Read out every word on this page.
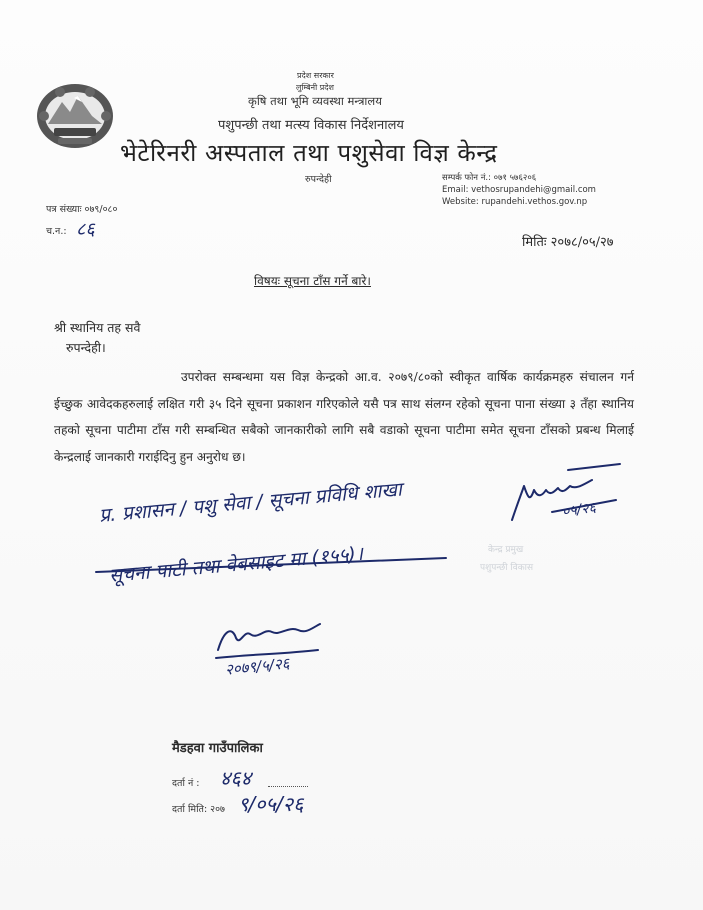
प्रदेश सरकार
लुम्बिनी प्रदेश
कृषि तथा भूमि व्यवस्था मन्त्रालय
पशुपन्छी तथा मत्स्य विकास निर्देशनालय
भेटेरिनरी अस्पताल तथा पशुसेवा विज्ञ केन्द्र
रुपन्देही	सम्पर्क फोन नं.: ०७१ ५७६२०६
Email: vethosrupandehi@gmail.com
Website: rupandehi.vethos.gov.np
पत्र संख्याः ०७९/०८०
च.न.: ८६
मितिः २०७८/०५/२७
विषयः सूचना टाँस गर्ने बारे।
श्री स्थानिय तह सवै
रुपन्देही।

उपरोक्त सम्बन्धमा यस विज्ञ केन्द्रको आ.व. २०७९/८०को स्वीकृत वार्षिक कार्यक्रमहरु संचालन गर्न ईच्छुक आवेदकहरुलाई लक्षित गरी ३५ दिने सूचना प्रकाशन गरिएकोले यसै पत्र साथ संलग्न रहेको सूचना पाना संख्या ३ तँहा स्थानिय तहको सूचना पाटीमा टाँस गरी सम्बन्धित सबैको जानकारीको लागि सबै वडाको सूचना पाटीमा समेत सूचना टाँसको प्रबन्ध मिलाई केन्द्रलाई जानकारी गराईदिनु हुन अनुरोध छ।

०५/२६
केन्द्र प्रमुख
पशुपन्छी विकास
प्र. प्रशासन / पशु सेवा / सूचना प्रविधि शाखा
सूचना पाटी तथा वेबसाइट मा (१५५)।
२०७९/५/२६
मैडहवा गाउँपालिका
दर्ता नं : ४६४
दर्ता मिति: २०७ ९/०५/२६
